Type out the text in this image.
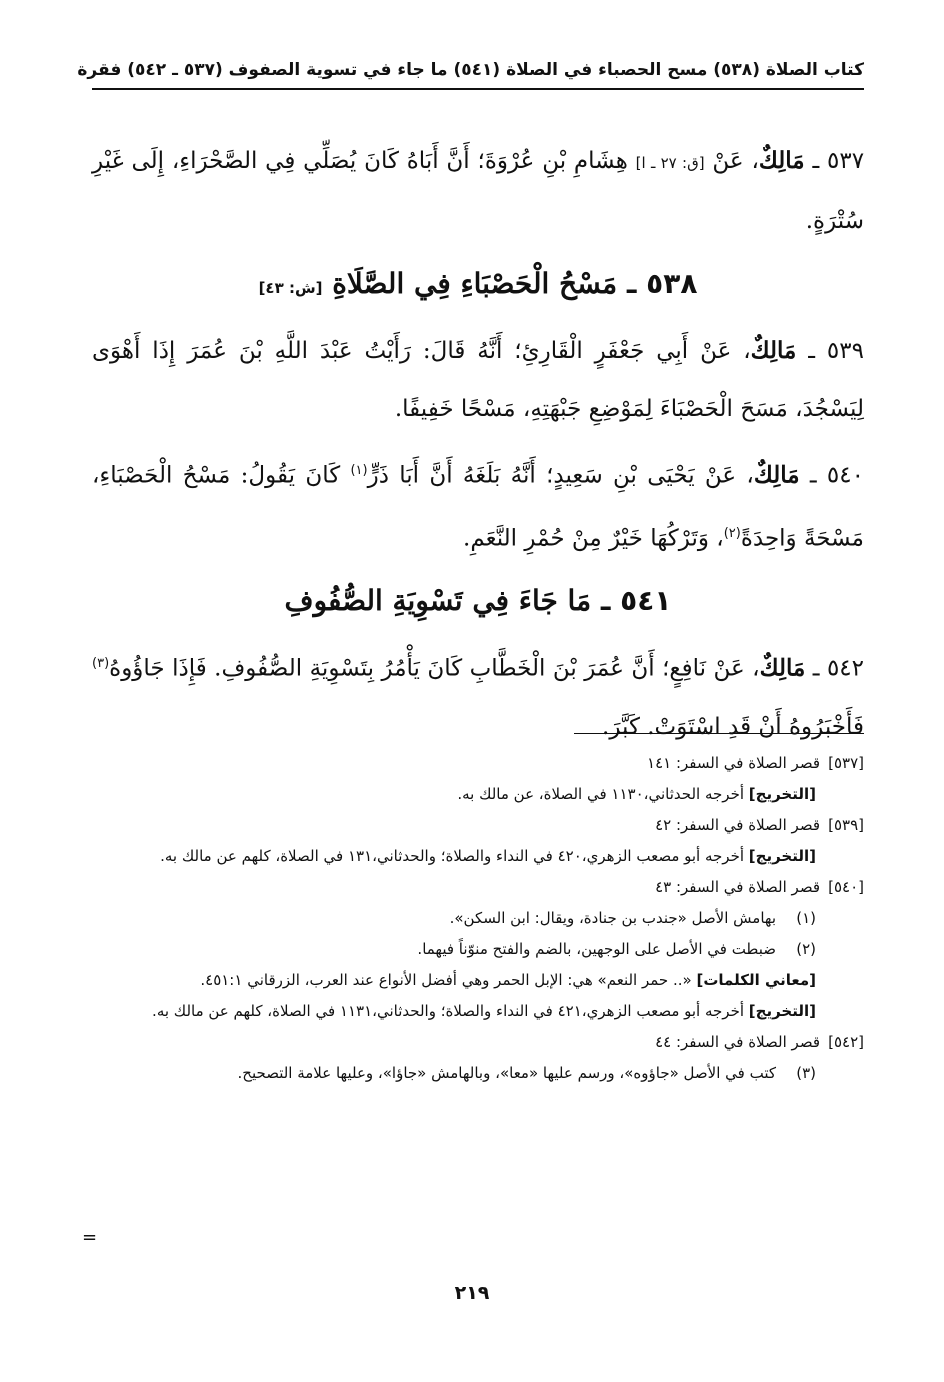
كتاب الصلاة (٥٣٨) مسح الحصباء في الصلاة (٥٤١) ما جاء في تسوية الصفوف (٥٣٧ ـ ٥٤٢) فقرة

٥٣٧ ـ مَالِكٌ، عَنْ [ق: ٢٧ ـ ا] هِشَامِ بْنِ عُرْوَةَ؛ أَنَّ أَبَاهُ كَانَ يُصَلِّي فِي الصَّحْرَاءِ، إِلَى غَيْرِ سُتْرَةٍ.

٥٣٨ ـ مَسْحُ الْحَصْبَاءِ فِي الصَّلَاةِ [ش: ٤٣]

٥٣٩ ـ مَالِكٌ، عَنْ أَبِي جَعْفَرٍ الْقَارِئِ؛ أَنَّهُ قَالَ: رَأَيْتُ عَبْدَ اللَّهِ بْنَ عُمَرَ إِذَا أَهْوَى لِيَسْجُدَ، مَسَحَ الْحَصْبَاءَ لِمَوْضِعِ جَبْهَتِهِ، مَسْحًا خَفِيفًا.

٥٤٠ ـ مَالِكٌ، عَنْ يَحْيَى بْنِ سَعِيدٍ؛ أَنَّهُ بَلَغَهُ أَنَّ أَبَا ذَرٍّ$^{(١)}$ كَانَ يَقُولُ: مَسْحُ الْحَصْبَاءِ، مَسْحَةً وَاحِدَةً$^{(٢)}$، وَتَرْكُهَا خَيْرٌ مِنْ حُمْرِ النَّعَمِ.

٥٤١ ـ مَا جَاءَ فِي تَسْوِيَةِ الصُّفُوفِ

٥٤٢ ـ مَالِكٌ، عَنْ نَافِعٍ؛ أَنَّ عُمَرَ بْنَ الْخَطَّابِ كَانَ يَأْمُرُ بِتَسْوِيَةِ الصُّفُوفِ. فَإِذَا جَاؤُوهُ$^{(٣)}$ فَأَخْبَرُوهُ أَنْ قَدِ اسْتَوَتْ. كَبَّرَ.

[٥٣٧]
قصر الصلاة في السفر: ١٤١
[التخريج] أخرجه الحدثاني،١١٣٠ في الصلاة، عن مالك به.
[٥٣٩]
قصر الصلاة في السفر: ٤٢
[التخريج] أخرجه أبو مصعب الزهري،٤٢٠ في النداء والصلاة؛ والحدثاني،١٣١ في الصلاة، كلهم عن مالك به.
[٥٤٠]
قصر الصلاة في السفر: ٤٣
(١)
بهامش الأصل «جندب بن جنادة، ويقال: ابن السكن».
(٢)
ضبطت في الأصل على الوجهين، بالضم والفتح منوّناً فيهما.
[معاني الكلمات] «.. حمر النعم» هي: الإبل الحمر وهي أفضل الأنواع عند العرب، الزرقاني ٤٥١:١.
[التخريج] أخرجه أبو مصعب الزهري،٤٢١ في النداء والصلاة؛ والحدثاني،١١٣١ في الصلاة، كلهم عن مالك به.
[٥٤٢]
قصر الصلاة في السفر: ٤٤
(٣)
كتب في الأصل «جاؤوه»، ورسم عليها «معا»، وبالهامش «جاؤا»، وعليها علامة التصحيح.
=
٢١٩
